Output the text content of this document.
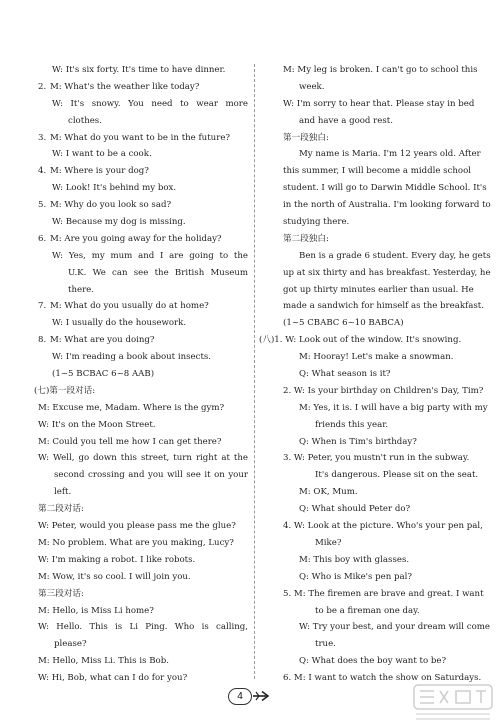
W: It's six forty. It's time to have dinner.
2. M: What's the weather like today?
W: It's snowy. You need to wear more
clothes.
3. M: What do you want to be in the future?
W: I want to be a cook.
4. M: Where is your dog?
W: Look! It's behind my box.
5. M: Why do you look so sad?
W: Because my dog is missing.
6. M: Are you going away for the holiday?
W: Yes, my mum and I are going to the
U.K. We can see the British Museum
there.
7. M: What do you usually do at home?
W: I usually do the housework.
8. M: What are you doing?
W: I'm reading a book about insects.
(1~5 BCBAC 6~8 AAB)
(七)第一段对话:
M: Excuse me, Madam. Where is the gym?
W: It's on the Moon Street.
M: Could you tell me how I can get there?
W: Well, go down this street, turn right at the
second crossing and you will see it on your
left.
第二段对话:
W: Peter, would you please pass me the glue?
M: No problem. What are you making, Lucy?
W: I'm making a robot. I like robots.
M: Wow, it's so cool. I will join you.
第三段对话:
M: Hello, is Miss Li home?
W: Hello. This is Li Ping. Who is calling,
please?
M: Hello, Miss Li. This is Bob.
W: Hi, Bob, what can I do for you?
M: My leg is broken. I can't go to school this
week.
W: I'm sorry to hear that. Please stay in bed
and have a good rest.
第一段独白:
My name is Maria. I'm 12 years old. After
this summer, I will become a middle school
student. I will go to Darwin Middle School. It's
in the north of Australia. I'm looking forward to
studying there.
第二段独白:
Ben is a grade 6 student. Every day, he gets
up at six thirty and has breakfast. Yesterday, he
got up thirty minutes earlier than usual. He
made a sandwich for himself as the breakfast.
(1~5 CBABC 6~10 BABCA)
(八)1. W: Look out of the window. It's snowing.
M: Hooray! Let's make a snowman.
Q: What season is it?
2. W: Is your birthday on Children's Day, Tim?
M: Yes, it is. I will have a big party with my
friends this year.
Q: When is Tim's birthday?
3. W: Peter, you mustn't run in the subway.
It's dangerous. Please sit on the seat.
M: OK, Mum.
Q: What should Peter do?
4. W: Look at the picture. Who's your pen pal,
Mike?
M: This boy with glasses.
Q: Who is Mike's pen pal?
5. M: The firemen are brave and great. I want
to be a fireman one day.
W: Try your best, and your dream will come
true.
Q: What does the boy want to be?
6. M: I want to watch the show on Saturdays.
4
